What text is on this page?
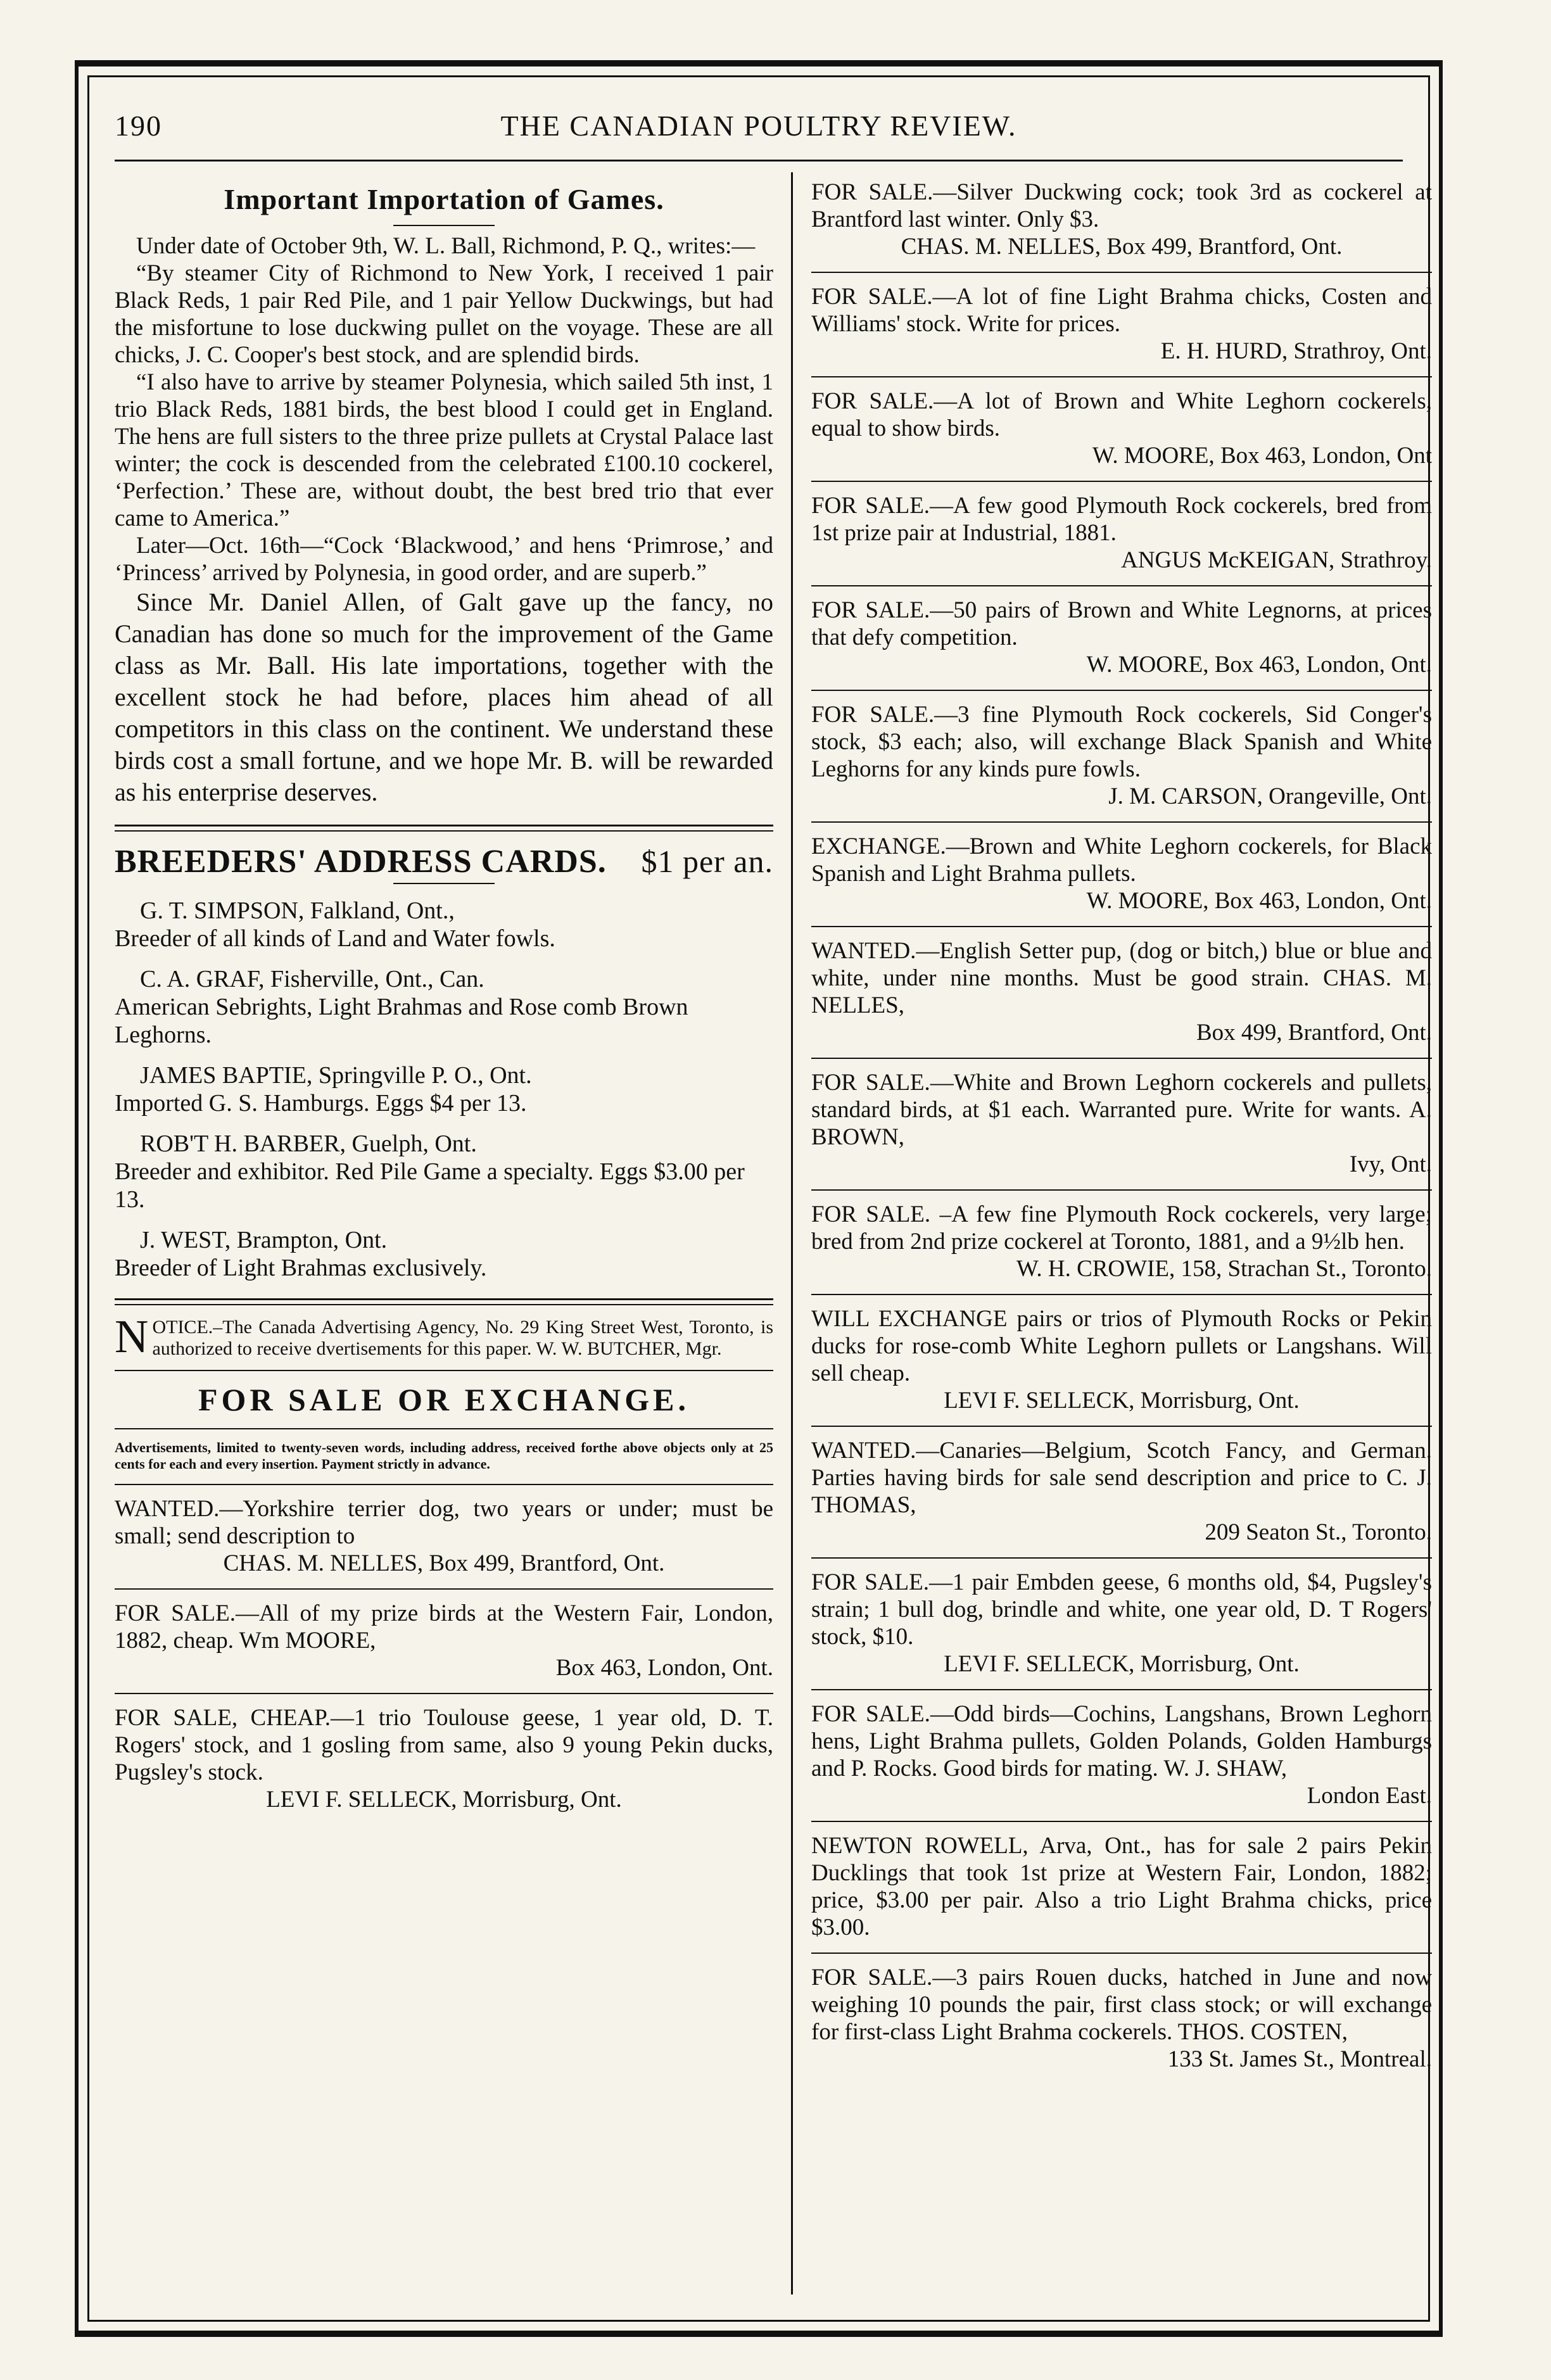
190	THE CANADIAN POULTRY REVIEW.
Important Importation of Games.

Under date of October 9th, W. L. Ball, Richmond, P. Q., writes:—

“By steamer City of Richmond to New York, I received 1 pair Black Reds, 1 pair Red Pile, and 1 pair Yellow Duckwings, but had the misfortune to lose duckwing pullet on the voyage. These are all chicks, J. C. Cooper's best stock, and are splendid birds.

“I also have to arrive by steamer Polynesia, which sailed 5th inst, 1 trio Black Reds, 1881 birds, the best blood I could get in England. The hens are full sisters to the three prize pullets at Crystal Palace last winter; the cock is descended from the celebrated £100.10 cockerel, ‘Perfection.’ These are, without doubt, the best bred trio that ever came to America.”

Later—Oct. 16th—“Cock ‘Blackwood,’ and hens ‘Primrose,’ and ‘Princess’ arrived by Polynesia, in good order, and are superb.”

Since Mr. Daniel Allen, of Galt gave up the fancy, no Canadian has done so much for the improvement of the Game class as Mr. Ball. His late importations, together with the excellent stock he had before, places him ahead of all competitors in this class on the continent. We understand these birds cost a small fortune, and we hope Mr. B. will be rewarded as his enterprise deserves.

BREEDERS' ADDRESS CARDS. $1 per an.
G. T. SIMPSON, Falkland, Ont.,
Breeder of all kinds of Land and Water fowls.
C. A. GRAF, Fisherville, Ont., Can.
American Sebrights, Light Brahmas and Rose comb Brown Leghorns.
JAMES BAPTIE, Springville P. O., Ont.
Imported G. S. Hamburgs. Eggs $4 per 13.
ROB'T H. BARBER, Guelph, Ont.
Breeder and exhibitor. Red Pile Game a specialty. Eggs $3.00 per 13.
J. WEST, Brampton, Ont.
Breeder of Light Brahmas exclusively.
N OTICE.–The Canada Advertising Agency, No. 29 King Street West, Toronto, is authorized to receive dvertisements for this paper. W. W. BUTCHER, Mgr.
FOR SALE OR EXCHANGE.
Advertisements, limited to twenty-seven words, including address, received forthe above objects only at 25 cents for each and every insertion. Payment strictly in advance.
WANTED.—Yorkshire terrier dog, two years or under; must be small; send description to
CHAS. M. NELLES, Box 499, Brantford, Ont.
FOR SALE.—All of my prize birds at the Western Fair, London, 1882, cheap. Wm MOORE,
Box 463, London, Ont.
FOR SALE, CHEAP.—1 trio Toulouse geese, 1 year old, D. T. Rogers' stock, and 1 gosling from same, also 9 young Pekin ducks, Pugsley's stock.
LEVI F. SELLECK, Morrisburg, Ont.
FOR SALE.—Silver Duckwing cock; took 3rd as cockerel at Brantford last winter. Only $3.
CHAS. M. NELLES, Box 499, Brantford, Ont.
FOR SALE.—A lot of fine Light Brahma chicks, Costen and Williams' stock. Write for prices.
E. H. HURD, Strathroy, Ont.
FOR SALE.—A lot of Brown and White Leghorn cockerels, equal to show birds.
W. MOORE, Box 463, London, Ont
FOR SALE.—A few good Plymouth Rock cockerels, bred from 1st prize pair at Industrial, 1881.
ANGUS McKEIGAN, Strathroy.
FOR SALE.—50 pairs of Brown and White Legnorns, at prices that defy competition.
W. MOORE, Box 463, London, Ont.
FOR SALE.—3 fine Plymouth Rock cockerels, Sid Conger's stock, $3 each; also, will exchange Black Spanish and White Leghorns for any kinds pure fowls.
J. M. CARSON, Orangeville, Ont.
EXCHANGE.—Brown and White Leghorn cockerels, for Black Spanish and Light Brahma pullets.
W. MOORE, Box 463, London, Ont.
WANTED.—English Setter pup, (dog or bitch,) blue or blue and white, under nine months. Must be good strain. CHAS. M. NELLES,
Box 499, Brantford, Ont.
FOR SALE.—White and Brown Leghorn cockerels and pullets, standard birds, at $1 each. Warranted pure. Write for wants. A. BROWN,
Ivy, Ont.
FOR SALE. –A few fine Plymouth Rock cockerels, very large; bred from 2nd prize cockerel at Toronto, 1881, and a 9½lb hen.
W. H. CROWIE, 158, Strachan St., Toronto.
WILL EXCHANGE pairs or trios of Plymouth Rocks or Pekin ducks for rose-comb White Leghorn pullets or Langshans. Will sell cheap.
LEVI F. SELLECK, Morrisburg, Ont.
WANTED.—Canaries—Belgium, Scotch Fancy, and German. Parties having birds for sale send description and price to C. J. THOMAS,
209 Seaton St., Toronto.
FOR SALE.—1 pair Embden geese, 6 months old, $4, Pugsley's strain; 1 bull dog, brindle and white, one year old, D. T Rogers' stock, $10.
LEVI F. SELLECK, Morrisburg, Ont.
FOR SALE.—Odd birds—Cochins, Langshans, Brown Leghorn hens, Light Brahma pullets, Golden Polands, Golden Hamburgs and P. Rocks. Good birds for mating. W. J. SHAW,
London East.
NEWTON ROWELL, Arva, Ont., has for sale 2 pairs Pekin Ducklings that took 1st prize at Western Fair, London, 1882; price, $3.00 per pair. Also a trio Light Brahma chicks, price $3.00.
FOR SALE.—3 pairs Rouen ducks, hatched in June and now weighing 10 pounds the pair, first class stock; or will exchange for first-class Light Brahma cockerels. THOS. COSTEN,
133 St. James St., Montreal.
